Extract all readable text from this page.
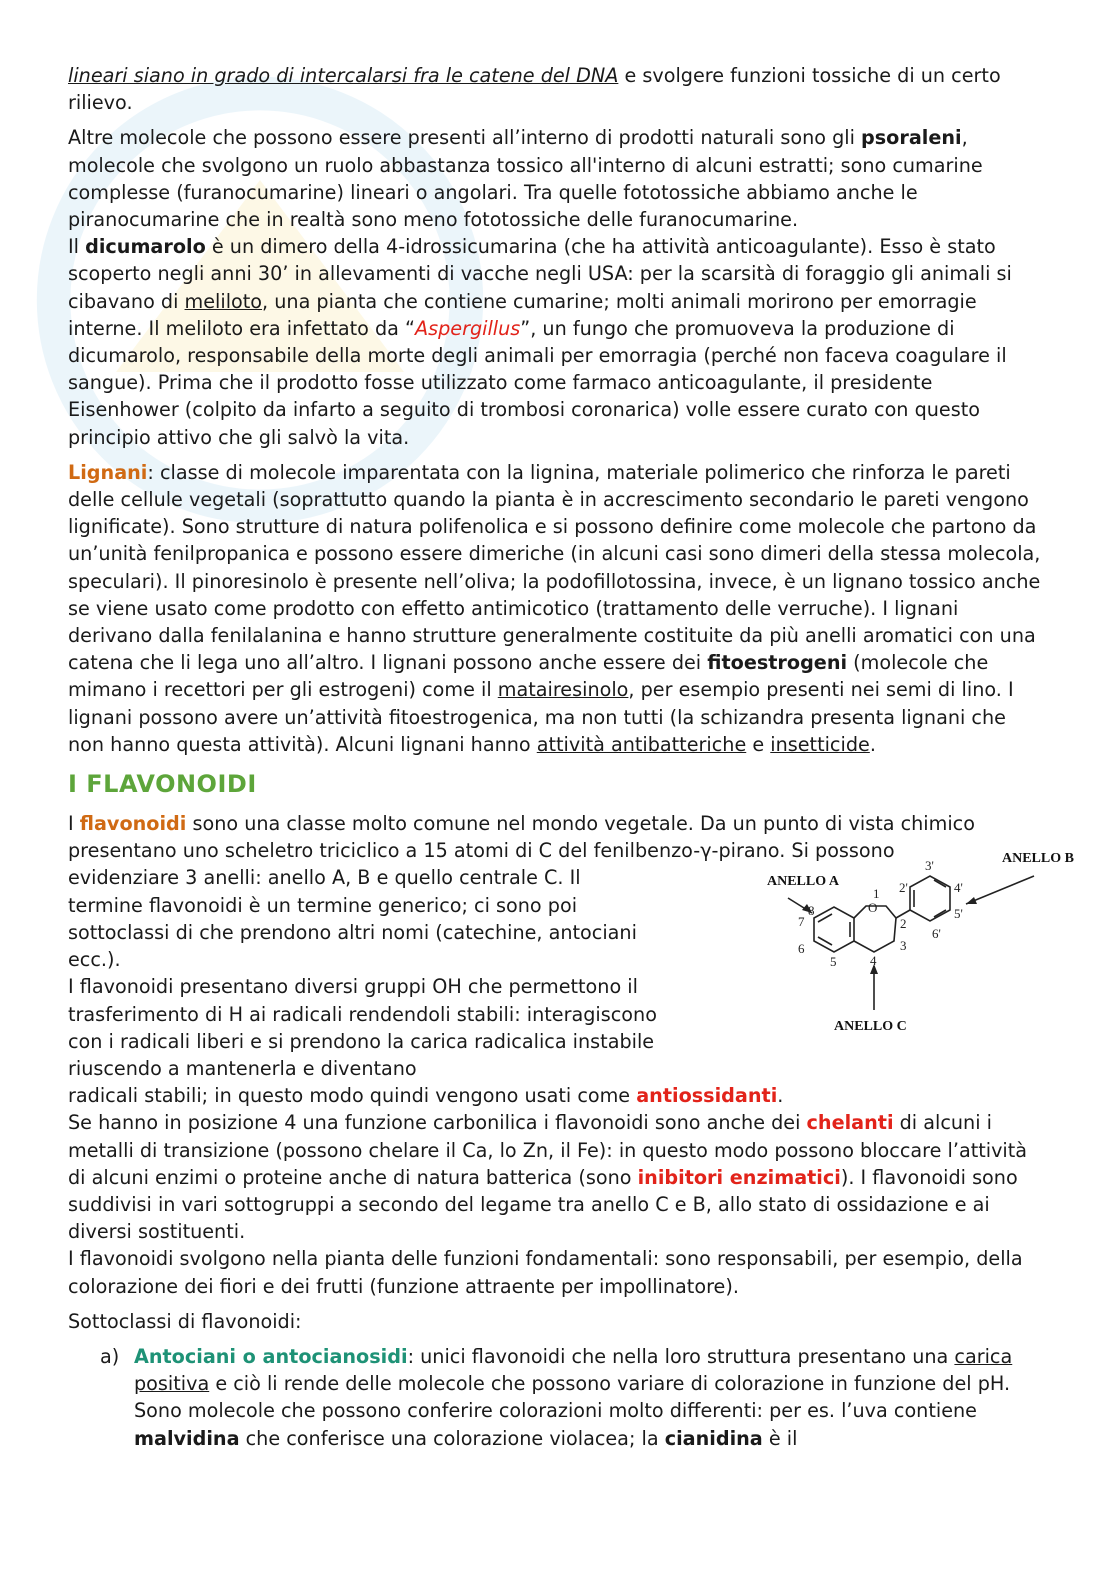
lineari siano in grado di intercalarsi fra le catene del DNA e svolgere funzioni tossiche di un certo rilievo.

Altre molecole che possono essere presenti all’interno di prodotti naturali sono gli psoraleni, molecole che svolgono un ruolo abbastanza tossico all'interno di alcuni estratti; sono cumarine complesse (furanocumarine) lineari o angolari. Tra quelle fototossiche abbiamo anche le piranocumarine che in realtà sono meno fototossiche delle furanocumarine.

Il dicumarolo è un dimero della 4-idrossicumarina (che ha attività anticoagulante). Esso è stato scoperto negli anni 30’ in allevamenti di vacche negli USA: per la scarsità di foraggio gli animali si cibavano di meliloto, una pianta che contiene cumarine; molti animali morirono per emorragie interne. Il meliloto era infettato da “Aspergillus”, un fungo che promuoveva la produzione di dicumarolo, responsabile della morte degli animali per emorragia (perché non faceva coagulare il sangue). Prima che il prodotto fosse utilizzato come farmaco anticoagulante, il presidente Eisenhower (colpito da infarto a seguito di trombosi coronarica) volle essere curato con questo principio attivo che gli salvò la vita.

Lignani: classe di molecole imparentata con la lignina, materiale polimerico che rinforza le pareti delle cellule vegetali (soprattutto quando la pianta è in accrescimento secondario le pareti vengono lignificate). Sono strutture di natura polifenolica e si possono definire come molecole che partono da un’unità fenilpropanica e possono essere dimeriche (in alcuni casi sono dimeri della stessa molecola, speculari). Il pinoresinolo è presente nell’oliva; la podofillotossina, invece, è un lignano tossico anche se viene usato come prodotto con effetto antimicotico (trattamento delle verruche). I lignani derivano dalla fenilalanina e hanno strutture generalmente costituite da più anelli aromatici con una catena che li lega uno all’altro. I lignani possono anche essere dei fitoestrogeni (molecole che mimano i recettori per gli estrogeni) come il matairesinolo, per esempio presenti nei semi di lino. I lignani possono avere un’attività fitoestrogenica, ma non tutti (la schizandra presenta lignani che non hanno questa attività). Alcuni lignani hanno attività antibatteriche e insetticide.

I FLAVONOIDI

I flavonoidi sono una classe molto comune nel mondo vegetale. Da un punto di vista chimico presentano uno scheletro triciclico a 15 atomi di C del fenilbenzo-γ-pirano. Si possono

evidenziare 3 anelli: anello A, B e quello centrale C. Il termine flavonoidi è un termine generico; ci sono poi sottoclassi di che prendono altri nomi (catechine, antociani ecc.).

I flavonoidi presentano diversi gruppi OH che permettono il trasferimento di H ai radicali rendendoli stabili: interagiscono con i radicali liberi e si prendono la carica radicalica instabile riuscendo a mantenerla e diventano

radicali stabili; in questo modo quindi vengono usati come antiossidanti.

8
7
6
5	4
3
2
1
O
2'
3'
4'
5'
6'
ANELLO A
ANELLO B
ANELLO C

Se hanno in posizione 4 una funzione carbonilica i flavonoidi sono anche dei chelanti di alcuni i metalli di transizione (possono chelare il Ca, lo Zn, il Fe): in questo modo possono bloccare l’attività di alcuni enzimi o proteine anche di natura batterica (sono inibitori enzimatici). I flavonoidi sono suddivisi in vari sottogruppi a secondo del legame tra anello C e B, allo stato di ossidazione e ai diversi sostituenti.

I flavonoidi svolgono nella pianta delle funzioni fondamentali: sono responsabili, per esempio, della colorazione dei fiori e dei frutti (funzione attraente per impollinatore).

Sottoclassi di flavonoidi:

a) Antociani o antocianosidi: unici flavonoidi che nella loro struttura presentano una carica positiva e ciò li rende delle molecole che possono variare di colorazione in funzione del pH. Sono molecole che possono conferire colorazioni molto differenti: per es. l’uva contiene malvidina che conferisce una colorazione violacea; la cianidina è il
